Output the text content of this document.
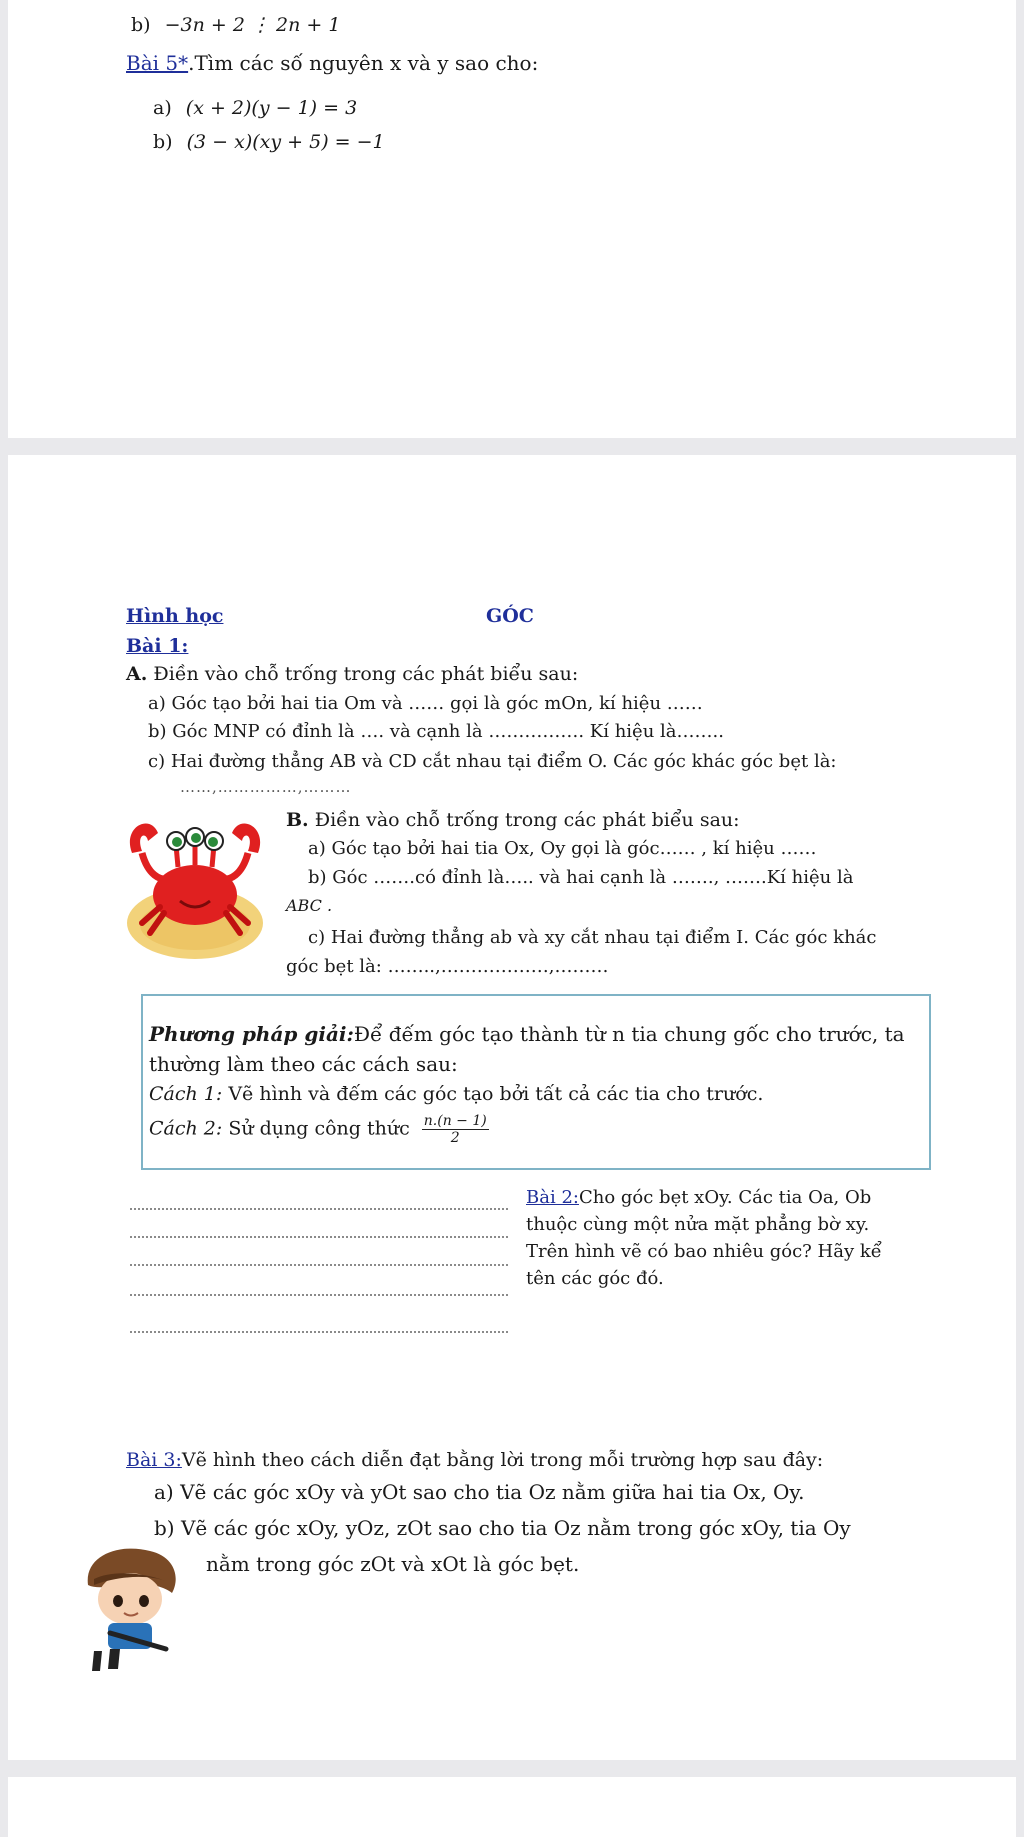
b) −3n + 2 ⋮ 2n + 1
Bài 5*.Tìm các số nguyên x và y sao cho:
a) (x + 2)(y − 1) = 3
b) (3 − x)(xy + 5) = −1
Hình học	GÓC
Bài 1:
A. Điền vào chỗ trống trong các phát biểu sau:
a) Góc tạo bởi hai tia Om và …… gọi là góc mOn, kí hiệu ……
b) Góc MNP có đỉnh là …. và cạnh là ……………. Kí hiệu là……..
c) Hai đường thẳng AB và CD cắt nhau tại điểm O. Các góc khác góc bẹt là:
……,……………,………
B. Điền vào chỗ trống trong các phát biểu sau:
a) Góc tạo bởi hai tia Ox, Oy gọi là góc…… , kí hiệu ……
b) Góc …….có đỉnh là….. và hai cạnh là ……., …….Kí hiệu là
ABC .
c) Hai đường thẳng ab và xy cắt nhau tại điểm I. Các góc khác
góc bẹt là: ……..,………………,………
Phương pháp giải:Để đếm góc tạo thành từ n tia chung gốc cho trước, ta
thường làm theo các cách sau:
Cách 1: Vẽ hình và đếm các góc tạo bởi tất cả các tia cho trước.
Cách 2: Sử dụng công thức $\frac{n.(n - 1)}{2}$
Bài 2:Cho góc bẹt xOy. Các tia Oa, Ob
thuộc cùng một nửa mặt phẳng bờ xy.
Trên hình vẽ có bao nhiêu góc? Hãy kể
tên các góc đó.
Bài 3:Vẽ hình theo cách diễn đạt bằng lời trong mỗi trường hợp sau đây:
a) Vẽ các góc xOy và yOt sao cho tia Oz nằm giữa hai tia Ox, Oy.
b) Vẽ các góc xOy, yOz, zOt sao cho tia Oz nằm trong góc xOy, tia Oy
nằm trong góc zOt và xOt là góc bẹt.
